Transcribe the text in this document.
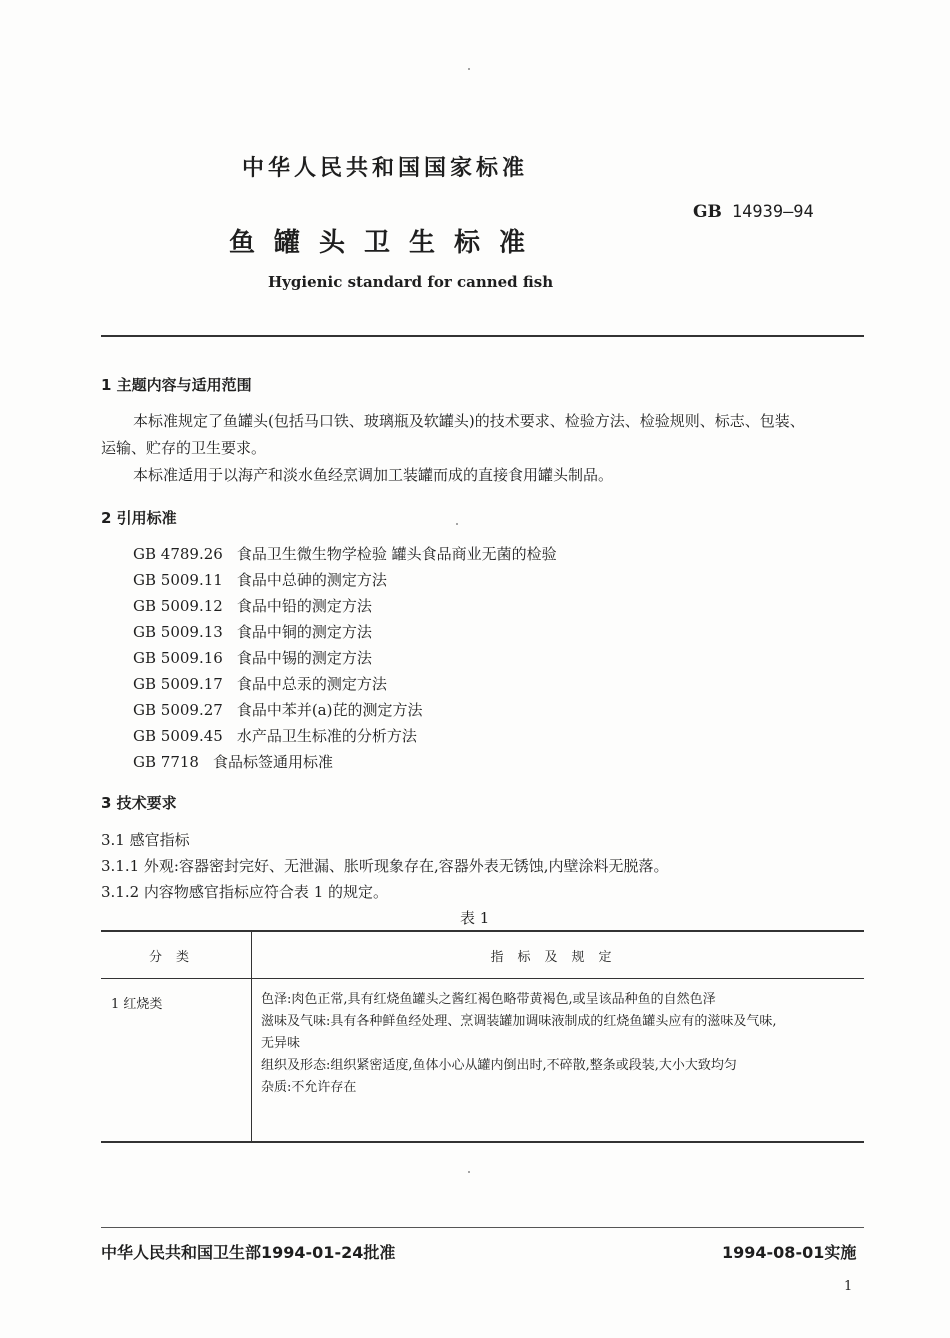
中华人民共和国国家标准
GB 14939—94
鱼罐头卫生标准
Hygienic standard for canned fish
1 主题内容与适用范围
本标准规定了鱼罐头(包括马口铁、玻璃瓶及软罐头)的技术要求、检验方法、检验规则、标志、包装、
运输、贮存的卫生要求。
本标准适用于以海产和淡水鱼经烹调加工装罐而成的直接食用罐头制品。
2 引用标准
GB 4789.26 食品卫生微生物学检验 罐头食品商业无菌的检验
GB 5009.11 食品中总砷的测定方法
GB 5009.12 食品中铅的测定方法
GB 5009.13 食品中铜的测定方法
GB 5009.16 食品中锡的测定方法
GB 5009.17 食品中总汞的测定方法
GB 5009.27 食品中苯并(a)芘的测定方法
GB 5009.45 水产品卫生标准的分析方法
GB 7718 食品标签通用标准
3 技术要求
3.1 感官指标
3.1.1 外观:容器密封完好、无泄漏、胀听现象存在,容器外表无锈蚀,内壁涂料无脱落。
3.1.2 内容物感官指标应符合表 1 的规定。
表 1
分类	指标及规定
1 红烧类	色泽:肉色正常,具有红烧鱼罐头之酱红褐色略带黄褐色,或呈该品种鱼的自然色泽
滋味及气味:具有各种鲜鱼经处理、烹调装罐加调味液制成的红烧鱼罐头应有的滋味及气味,
无异味
组织及形态:组织紧密适度,鱼体小心从罐内倒出时,不碎散,整条或段装,大小大致均匀
杂质:不允许存在
中华人民共和国卫生部1994-01-24批准	1994-08-01实施
1
